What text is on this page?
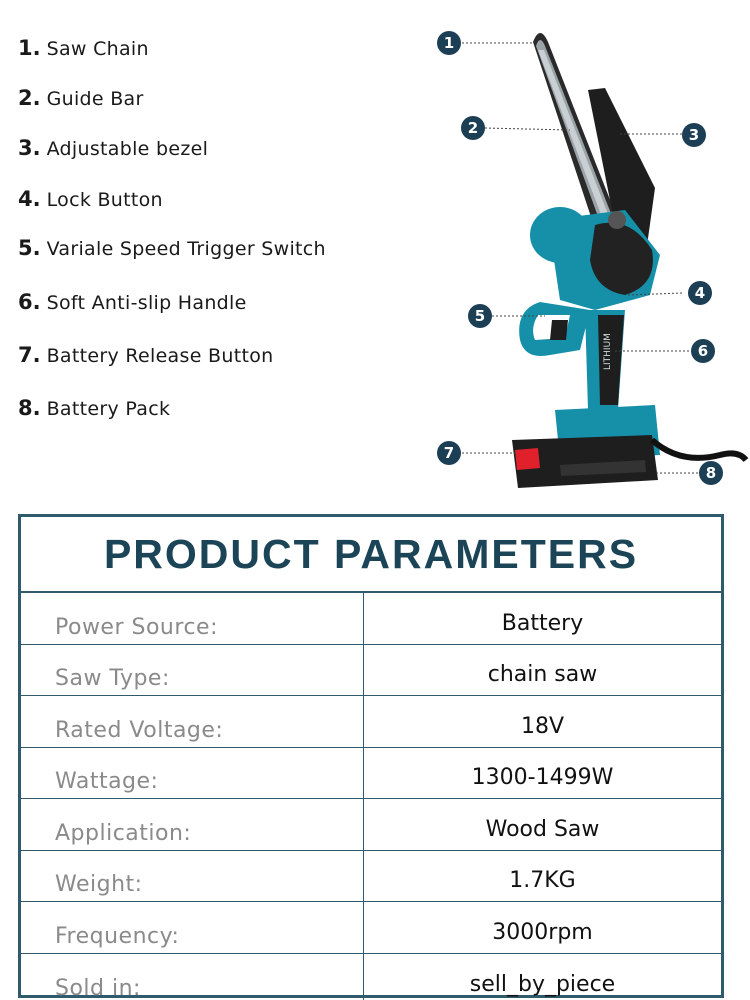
1. Saw Chain
2. Guide Bar
3. Adjustable bezel
4. Lock Button
5. Variale Speed Trigger Switch
6. Soft Anti-slip Handle
7. Battery Release Button
8. Battery Pack
LITHIUM
1
2	3
4
5
6
7
8
PRODUCT PARAMETERS
Power Source:	Battery
Saw Type:	chain saw
Rated Voltage:	18V
Wattage:	1300-1499W
Application:	Wood Saw
Weight:	1.7KG
Frequency:	3000rpm
Sold in:	sell_by_piece
